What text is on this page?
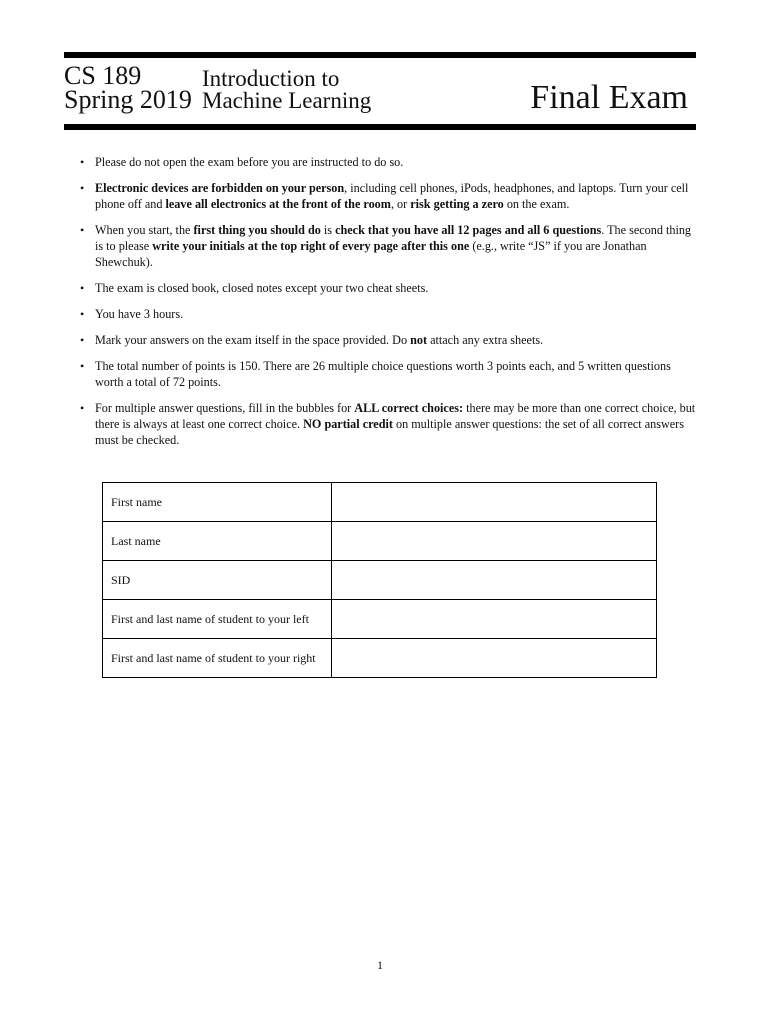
CS 189
Spring 2019
Introduction to
Machine Learning	Final Exam
• Please do not open the exam before you are instructed to do so.
• Electronic devices are forbidden on your person, including cell phones, iPods, headphones, and laptops. Turn your cell phone off and leave all electronics at the front of the room, or risk getting a zero on the exam.
• When you start, the first thing you should do is check that you have all 12 pages and all 6 questions. The second thing is to please write your initials at the top right of every page after this one (e.g., write “JS” if you are Jonathan Shewchuk).
• The exam is closed book, closed notes except your two cheat sheets.
• You have 3 hours.
• Mark your answers on the exam itself in the space provided. Do not attach any extra sheets.
• The total number of points is 150. There are 26 multiple choice questions worth 3 points each, and 5 written questions worth a total of 72 points.
• For multiple answer questions, fill in the bubbles for ALL correct choices: there may be more than one correct choice, but there is always at least one correct choice. NO partial credit on multiple answer questions: the set of all correct answers must be checked.
First name	
Last name	
SID	
First and last name of student to your left	
First and last name of student to your right	
1
